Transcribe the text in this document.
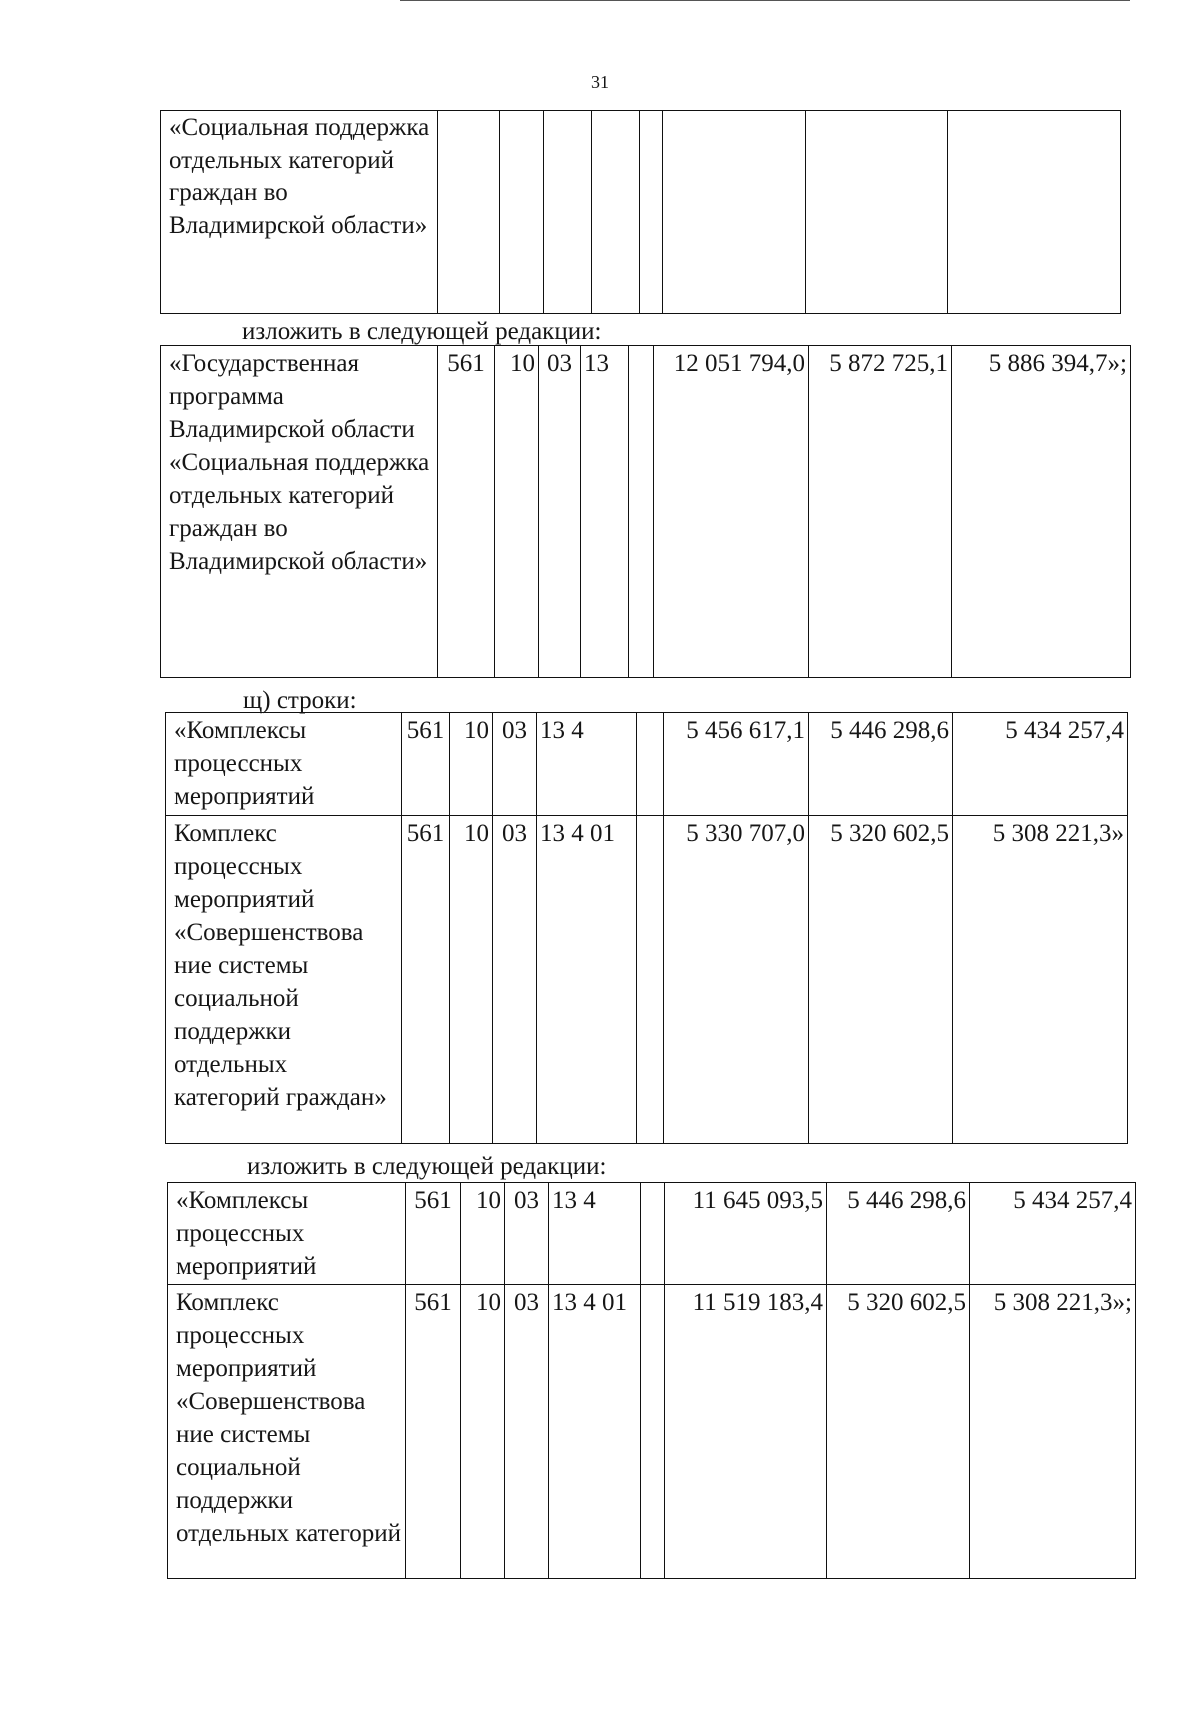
31
«Социальная поддержка отдельных категорий граждан во Владимирской области»								
изложить в следующей редакции:
«Государственная программа Владимирской области «Социальная поддержка отдельных категорий граждан во Владимирской области»	561	10	03	13		12 051 794,0	5 872 725,1	5 886 394,7»;
щ) строки:
«Комплексы процессных мероприятий	561	10	03	13 4		5 456 617,1	5 446 298,6	5 434 257,4
Комплекс процессных мероприятий «Совершенствова ние системы социальной поддержки отдельных категорий граждан»	561	10	03	13 4 01		5 330 707,0	5 320 602,5	5 308 221,3»
изложить в следующей редакции:
«Комплексы процессных мероприятий	561	10	03	13 4		11 645 093,5	5 446 298,6	5 434 257,4
Комплекс процессных мероприятий «Совершенствова ние системы социальной поддержки отдельных категорий	561	10	03	13 4 01		11 519 183,4	5 320 602,5	5 308 221,3»;
